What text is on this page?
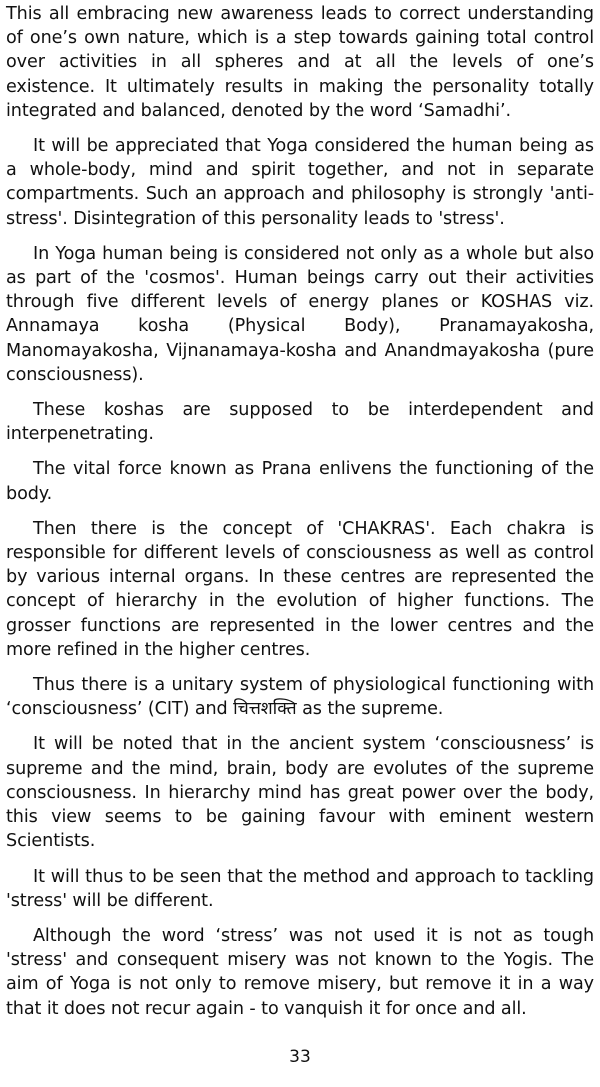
This all embracing new awareness leads to correct understanding of one’s own nature, which is a step towards gaining total control over activities in all spheres and at all the levels of one’s existence. It ultimately results in making the personality totally integrated and balanced, denoted by the word ‘Samadhi’.

It will be appreciated that Yoga considered the human being as a whole-body, mind and spirit together, and not in separate compartments. Such an approach and philosophy is strongly 'anti-stress'. Disintegration of this personality leads to 'stress'.

In Yoga human being is considered not only as a whole but also as part of the 'cosmos'. Human beings carry out their activities through five different levels of energy planes or KOSHAS viz. Annamaya kosha (Physical Body), Pranamayakosha, Manomayakosha, Vijnanamaya-kosha and Anandmayakosha (pure consciousness).

These koshas are supposed to be interdependent and interpenetrating.

The vital force known as Prana enlivens the functioning of the body.

Then there is the concept of 'CHAKRAS'. Each chakra is responsible for different levels of consciousness as well as control by various internal organs. In these centres are represented the concept of hierarchy in the evolution of higher functions. The grosser functions are represented in the lower centres and the more refined in the higher centres.

Thus there is a unitary system of physiological functioning with ‘consciousness’ (CIT) and चित्तशक्ति as the supreme.

It will be noted that in the ancient system ‘consciousness’ is supreme and the mind, brain, body are evolutes of the supreme consciousness. In hierarchy mind has great power over the body, this view seems to be gaining favour with eminent western Scientists.

It will thus to be seen that the method and approach to tackling 'stress' will be different.

Although the word ‘stress’ was not used it is not as tough 'stress' and consequent misery was not known to the Yogis. The aim of Yoga is not only to remove misery, but remove it in a way that it does not recur again - to vanquish it for once and all.

33
